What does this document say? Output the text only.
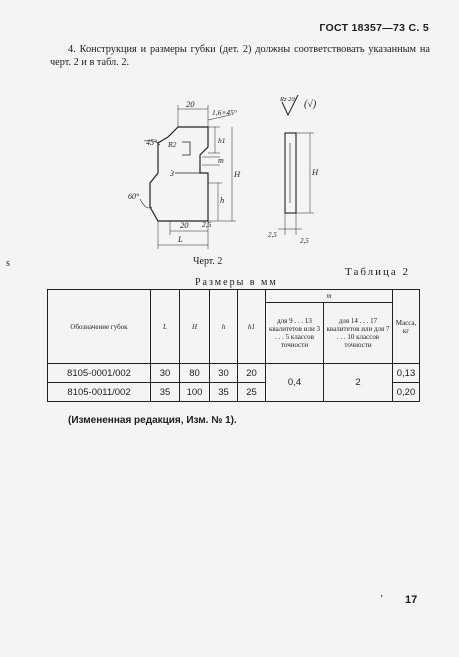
ГОСТ 18357—73 С. 5
4. Конструкция и размеры губки (дет. 2) должны соответствовать указанным на черт. 2 и в табл. 2.
20
1,6×45°
45° R2	h1
m
3	H
h
60°
20 2,5
L
Rz 20 (√)
H
2,5
2,5
Черт. 2
Таблица 2
Размеры в мм
Обозначение губок	L	H	h	h1	m		Масса, кг
					для 9 . . . 13 квалитетов или 3 . . . 5 классов точности	для 14 . . . 17 квалитетов или для 7 . . . 10 классов точности	
8105-0001/002	30	80	30	20	0,4	2	0,13
8105-0011/002	35	100	35	25			0,20
(Измененная редакция, Изм. № 1).
ʼ 17
s
